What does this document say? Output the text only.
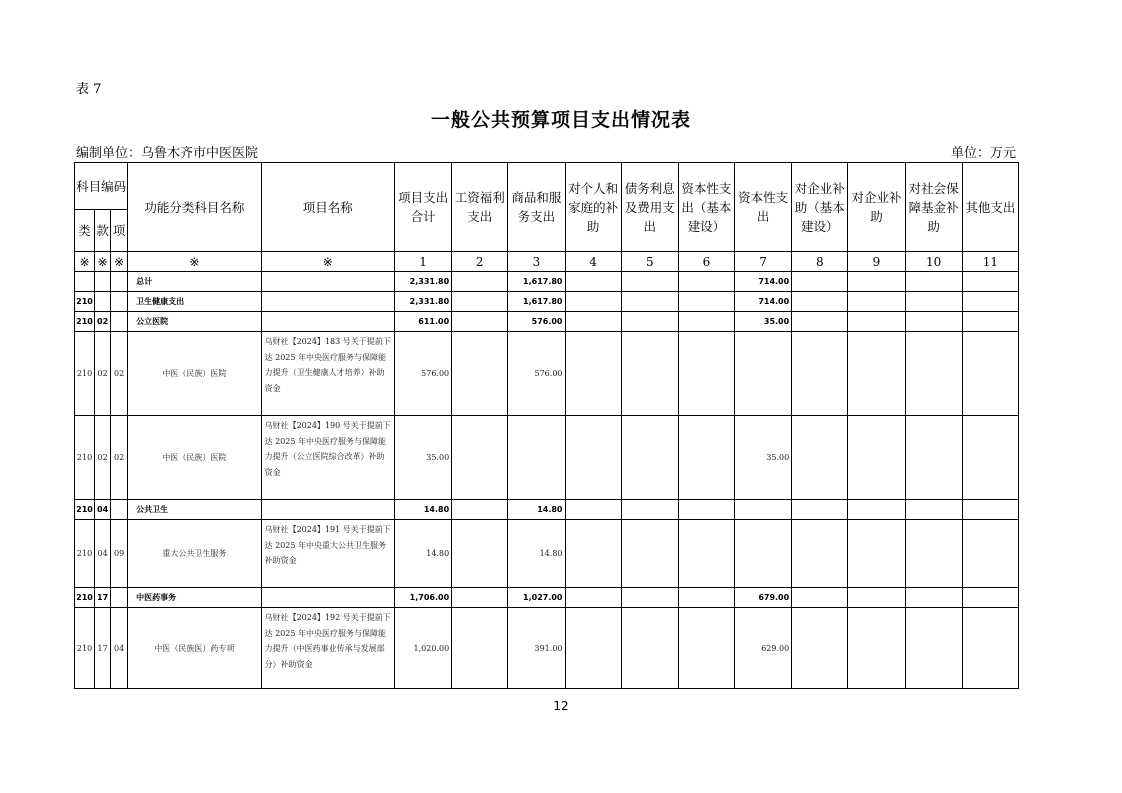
表 7
一般公共预算项目支出情况表
编制单位：乌鲁木齐市中医医院	单位：万元
科目编码			功能分类科目名称	项目名称	项目支出合计	工资福利支出	商品和服务支出	对个人和家庭的补助	债务利息及费用支出	资本性支出（基本建设）	资本性支出	对企业补助（基本建设）	对企业补助	对社会保障基金补助	其他支出
类	款	项													
※	※	※	※	※	1	2	3	4	5	6	7	8	9	10	11
			总计		2,331.80		1,617.80				714.00				
210			卫生健康支出		2,331.80		1,617.80				714.00				
210	02		公立医院		611.00		576.00				35.00				
210	02	02	中医（民族）医院	乌财社【2024】183 号关于提前下达 2025 年中央医疗服务与保障能力提升（卫生健康人才培养）补助资金	576.00		576.00								
210	02	02	中医（民族）医院	乌财社【2024】190 号关于提前下达 2025 年中央医疗服务与保障能力提升（公立医院综合改革）补助资金	35.00						35.00				
210	04		公共卫生		14.80		14.80								
210	04	09	重大公共卫生服务	乌财社【2024】191 号关于提前下达 2025 年中央重大公共卫生服务补助资金	14.80		14.80								
210	17		中医药事务		1,706.00		1,027.00				679.00				
210	17	04	中医（民族医）药专项	乌财社【2024】192 号关于提前下达 2025 年中央医疗服务与保障能力提升（中医药事业传承与发展部分）补助资金	1,020.00		391.00				629.00				
12
